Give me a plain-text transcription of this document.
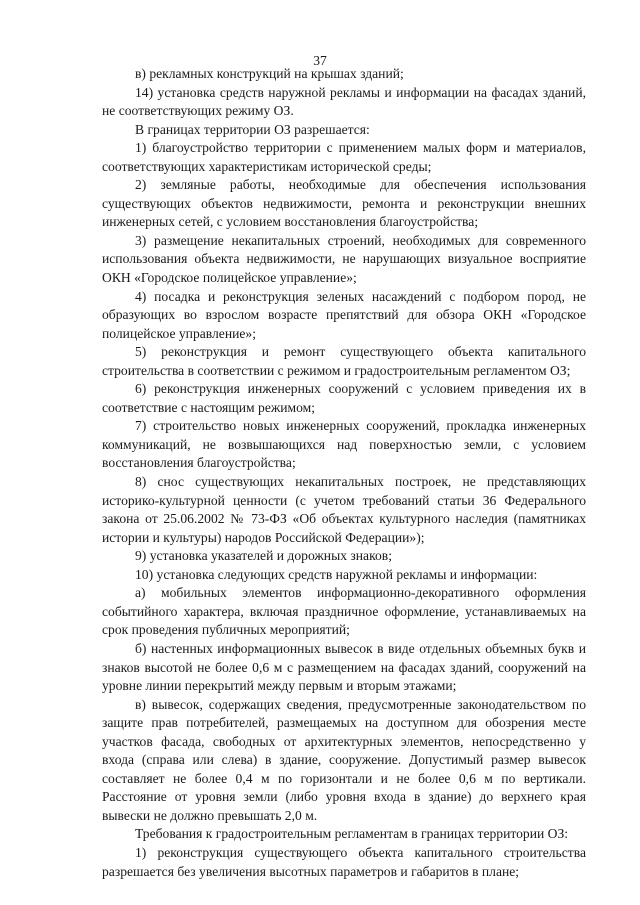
37

в) рекламных конструкций на крышах зданий;

14) установка средств наружной рекламы и информации на фасадах зданий, не соответствующих режиму ОЗ.

В границах территории ОЗ разрешается:

1) благоустройство территории с применением малых форм и материалов, соответствующих характеристикам исторической среды;

2) земляные работы, необходимые для обеспечения использования существующих объектов недвижимости, ремонта и реконструкции внешних инженерных сетей, с условием восстановления благоустройства;

3) размещение некапитальных строений, необходимых для современного использования объекта недвижимости, не нарушающих визуальное восприятие ОКН «Городское полицейское управление»;

4) посадка и реконструкция зеленых насаждений с подбором пород, не образующих во взрослом возрасте препятствий для обзора ОКН «Городское полицейское управление»;

5) реконструкция и ремонт существующего объекта капитального строительства в соответствии с режимом и градостроительным регламентом ОЗ;

6) реконструкция инженерных сооружений с условием приведения их в соответствие с настоящим режимом;

7) строительство новых инженерных сооружений, прокладка инженерных коммуникаций, не возвышающихся над поверхностью земли, с условием восстановления благоустройства;

8) снос существующих некапитальных построек, не представляющих историко-культурной ценности (с учетом требований статьи 36 Федерального закона от 25.06.2002 № 73-ФЗ «Об объектах культурного наследия (памятниках истории и культуры) народов Российской Федерации»);

9) установка указателей и дорожных знаков;

10) установка следующих средств наружной рекламы и информации:

а) мобильных элементов информационно-декоративного оформления событийного характера, включая праздничное оформление, устанавливаемых на срок проведения публичных мероприятий;

б) настенных информационных вывесок в виде отдельных объемных букв и знаков высотой не более 0,6 м с размещением на фасадах зданий, сооружений на уровне линии перекрытий между первым и вторым этажами;

в) вывесок, содержащих сведения, предусмотренные законодательством по защите прав потребителей, размещаемых на доступном для обозрения месте участков фасада, свободных от архитектурных элементов, непосредственно у входа (справа или слева) в здание, сооружение. Допустимый размер вывесок составляет не более 0,4 м по горизонтали и не более 0,6 м по вертикали. Расстояние от уровня земли (либо уровня входа в здание) до верхнего края вывески не должно превышать 2,0 м.

Требования к градостроительным регламентам в границах территории ОЗ:

1) реконструкция существующего объекта капитального строительства разрешается без увеличения высотных параметров и габаритов в плане;
